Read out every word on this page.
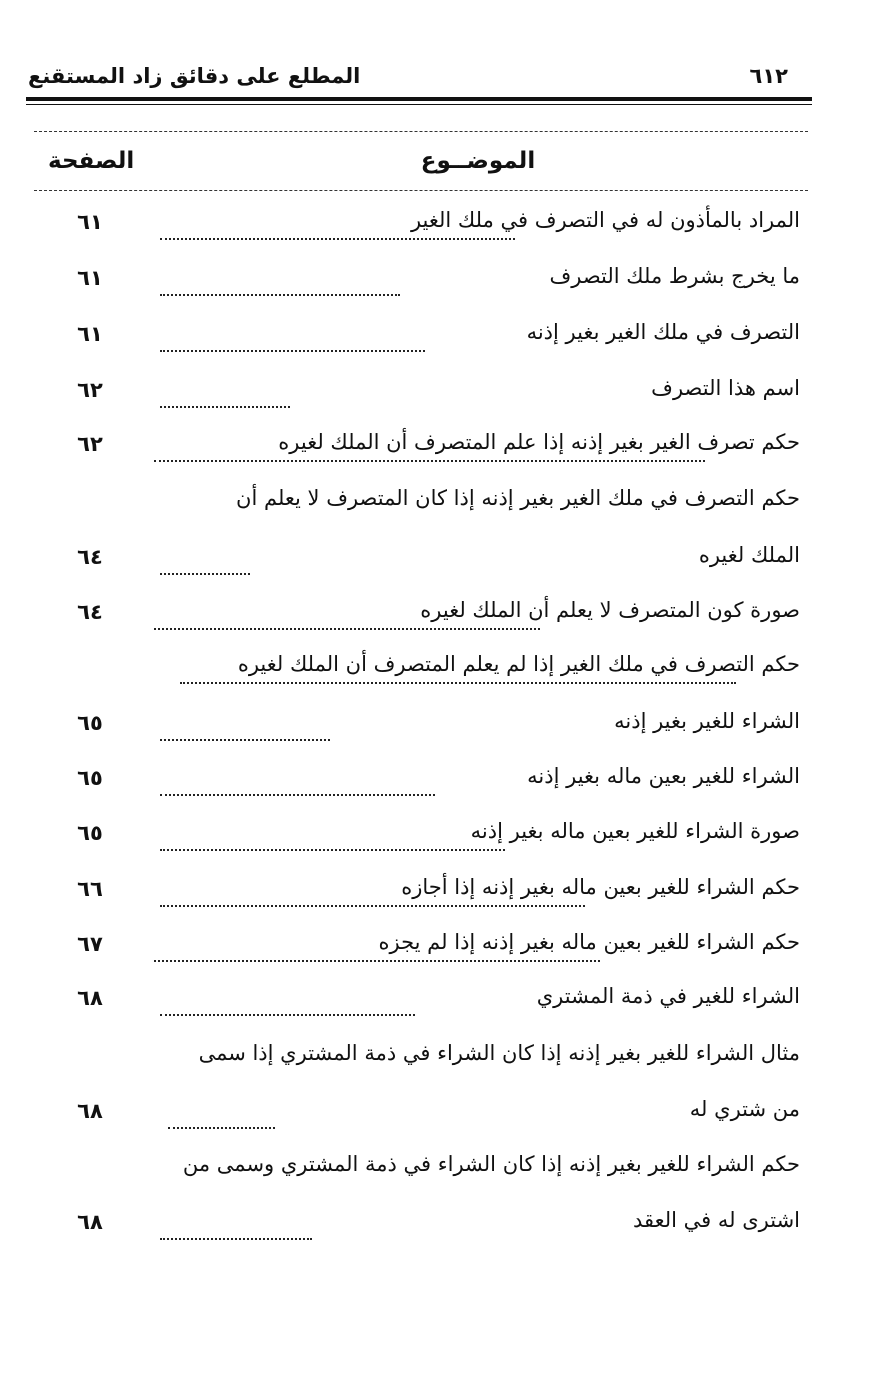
المطلع على دقائق زاد المستقنع	٦١٢
الموضــوع
الصفحة
المراد بالمأذون له في التصرف في ملك الغير
٦١
ما يخرج بشرط ملك التصرف
٦١
التصرف في ملك الغير بغير إذنه
٦١
اسم هذا التصرف
٦٢
حكم تصرف الغير بغير إذنه إذا علم المتصرف أن الملك لغيره
٦٢
حكم التصرف في ملك الغير بغير إذنه إذا كان المتصرف لا يعلم أن
الملك لغيره
٦٤
صورة كون المتصرف لا يعلم أن الملك لغيره
٦٤
حكم التصرف في ملك الغير إذا لم يعلم المتصرف أن الملك لغيره
الشراء للغير بغير إذنه
٦٥
الشراء للغير بعين ماله بغير إذنه
٦٥
صورة الشراء للغير بعين ماله بغير إذنه
٦٥
حكم الشراء للغير بعين ماله بغير إذنه إذا أجازه
٦٦
حكم الشراء للغير بعين ماله بغير إذنه إذا لم يجزه
٦٧
الشراء للغير في ذمة المشتري
٦٨
مثال الشراء للغير بغير إذنه إذا كان الشراء في ذمة المشتري إذا سمى
من شتري له
٦٨
حكم الشراء للغير بغير إذنه إذا كان الشراء في ذمة المشتري وسمى من
اشترى له في العقد
٦٨
